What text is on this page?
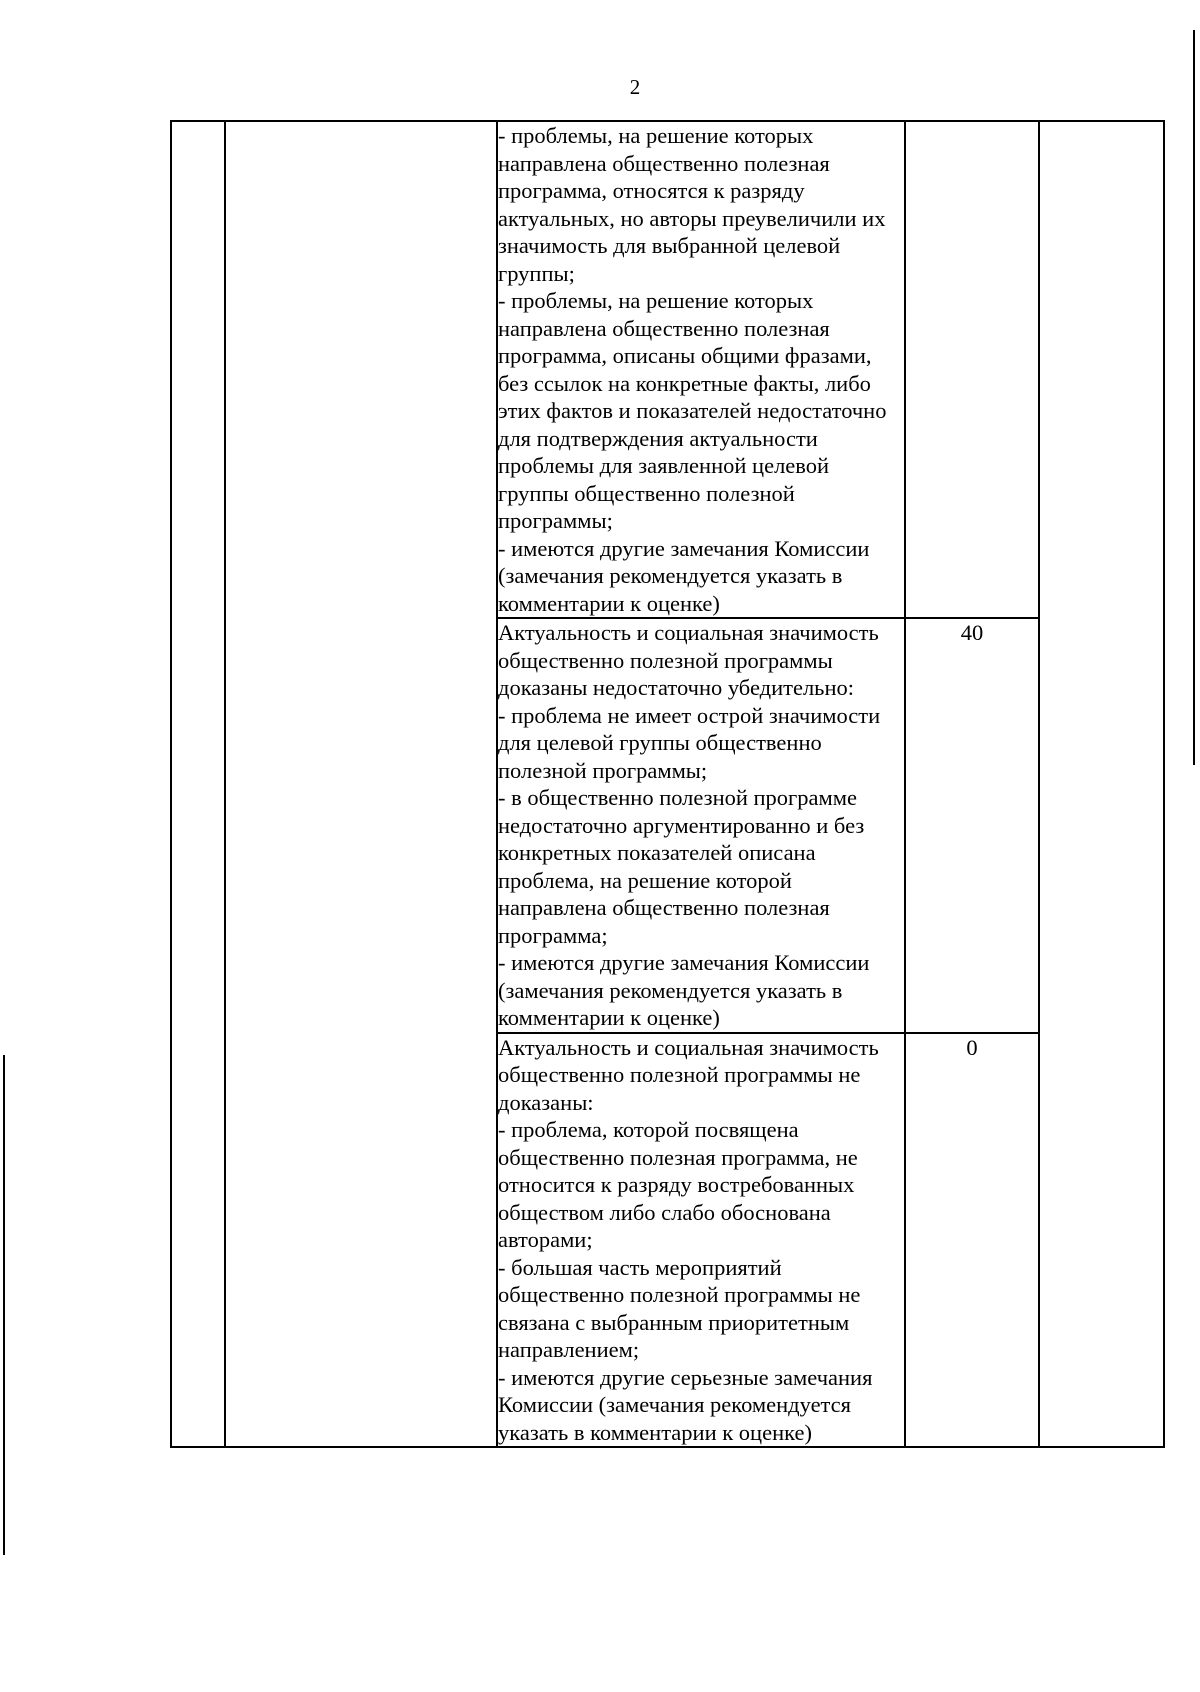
2

		- проблемы, на решение которых направлена общественно полезная программа, относятся к разряду актуальных, но авторы преувеличили их значимость для выбранной целевой группы;

- проблемы, на решение которых направлена общественно полезная программа, описаны общими фразами, без ссылок на конкретные факты, либо этих фактов и показателей недостаточно для подтверждения актуальности проблемы для заявленной целевой группы общественно полезной программы;

- имеются другие замечания Комиссии (замечания рекомендуется указать в комментарии к оценке)		

		Актуальность и социальная значимость общественно полезной программы доказаны недостаточно убедительно:

- проблема не имеет острой значимости для целевой группы общественно полезной программы;

- в общественно полезной программе недостаточно аргументированно и без конкретных показателей описана проблема, на решение которой направлена общественно полезная программа;

- имеются другие замечания Комиссии (замечания рекомендуется указать в комментарии к оценке)	40	

		Актуальность и социальная значимость общественно полезной программы не доказаны:

- проблема, которой посвящена общественно полезная программа, не относится к разряду востребованных обществом либо слабо обоснована авторами;

- большая часть мероприятий общественно полезной программы не связана с выбранным приоритетным направлением;

- имеются другие серьезные замечания Комиссии (замечания рекомендуется указать в комментарии к оценке)	0	
